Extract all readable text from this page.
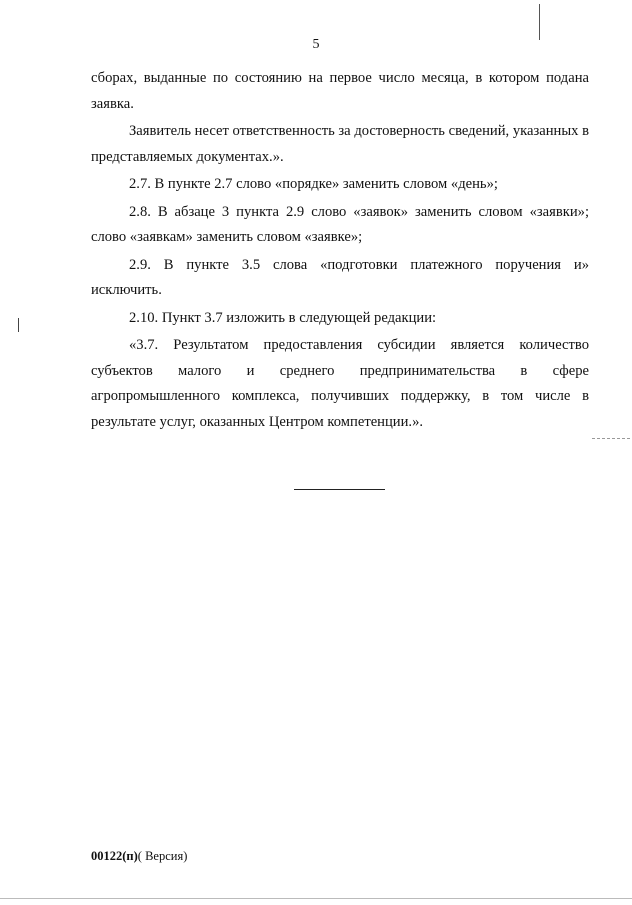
5

сборах, выданные по состоянию на первое число месяца, в котором подана заявка.

Заявитель несет ответственность за достоверность сведений, указанных в представляемых документах.».

2.7. В пункте 2.7 слово «порядке» заменить словом «день»;

2.8. В абзаце 3 пункта 2.9 слово «заявок» заменить словом «заявки»; слово «заявкам» заменить словом «заявке»;

2.9. В пункте 3.5 слова «подготовки платежного поручения и» исключить.

2.10. Пункт 3.7 изложить в следующей редакции:

«3.7. Результатом предоставления субсидии является количество субъектов малого и среднего предпринимательства в сфере агропромышленного комплекса, получивших поддержку, в том числе в результате услуг, оказанных Центром компетенции.».

00122(п)( Версия)
